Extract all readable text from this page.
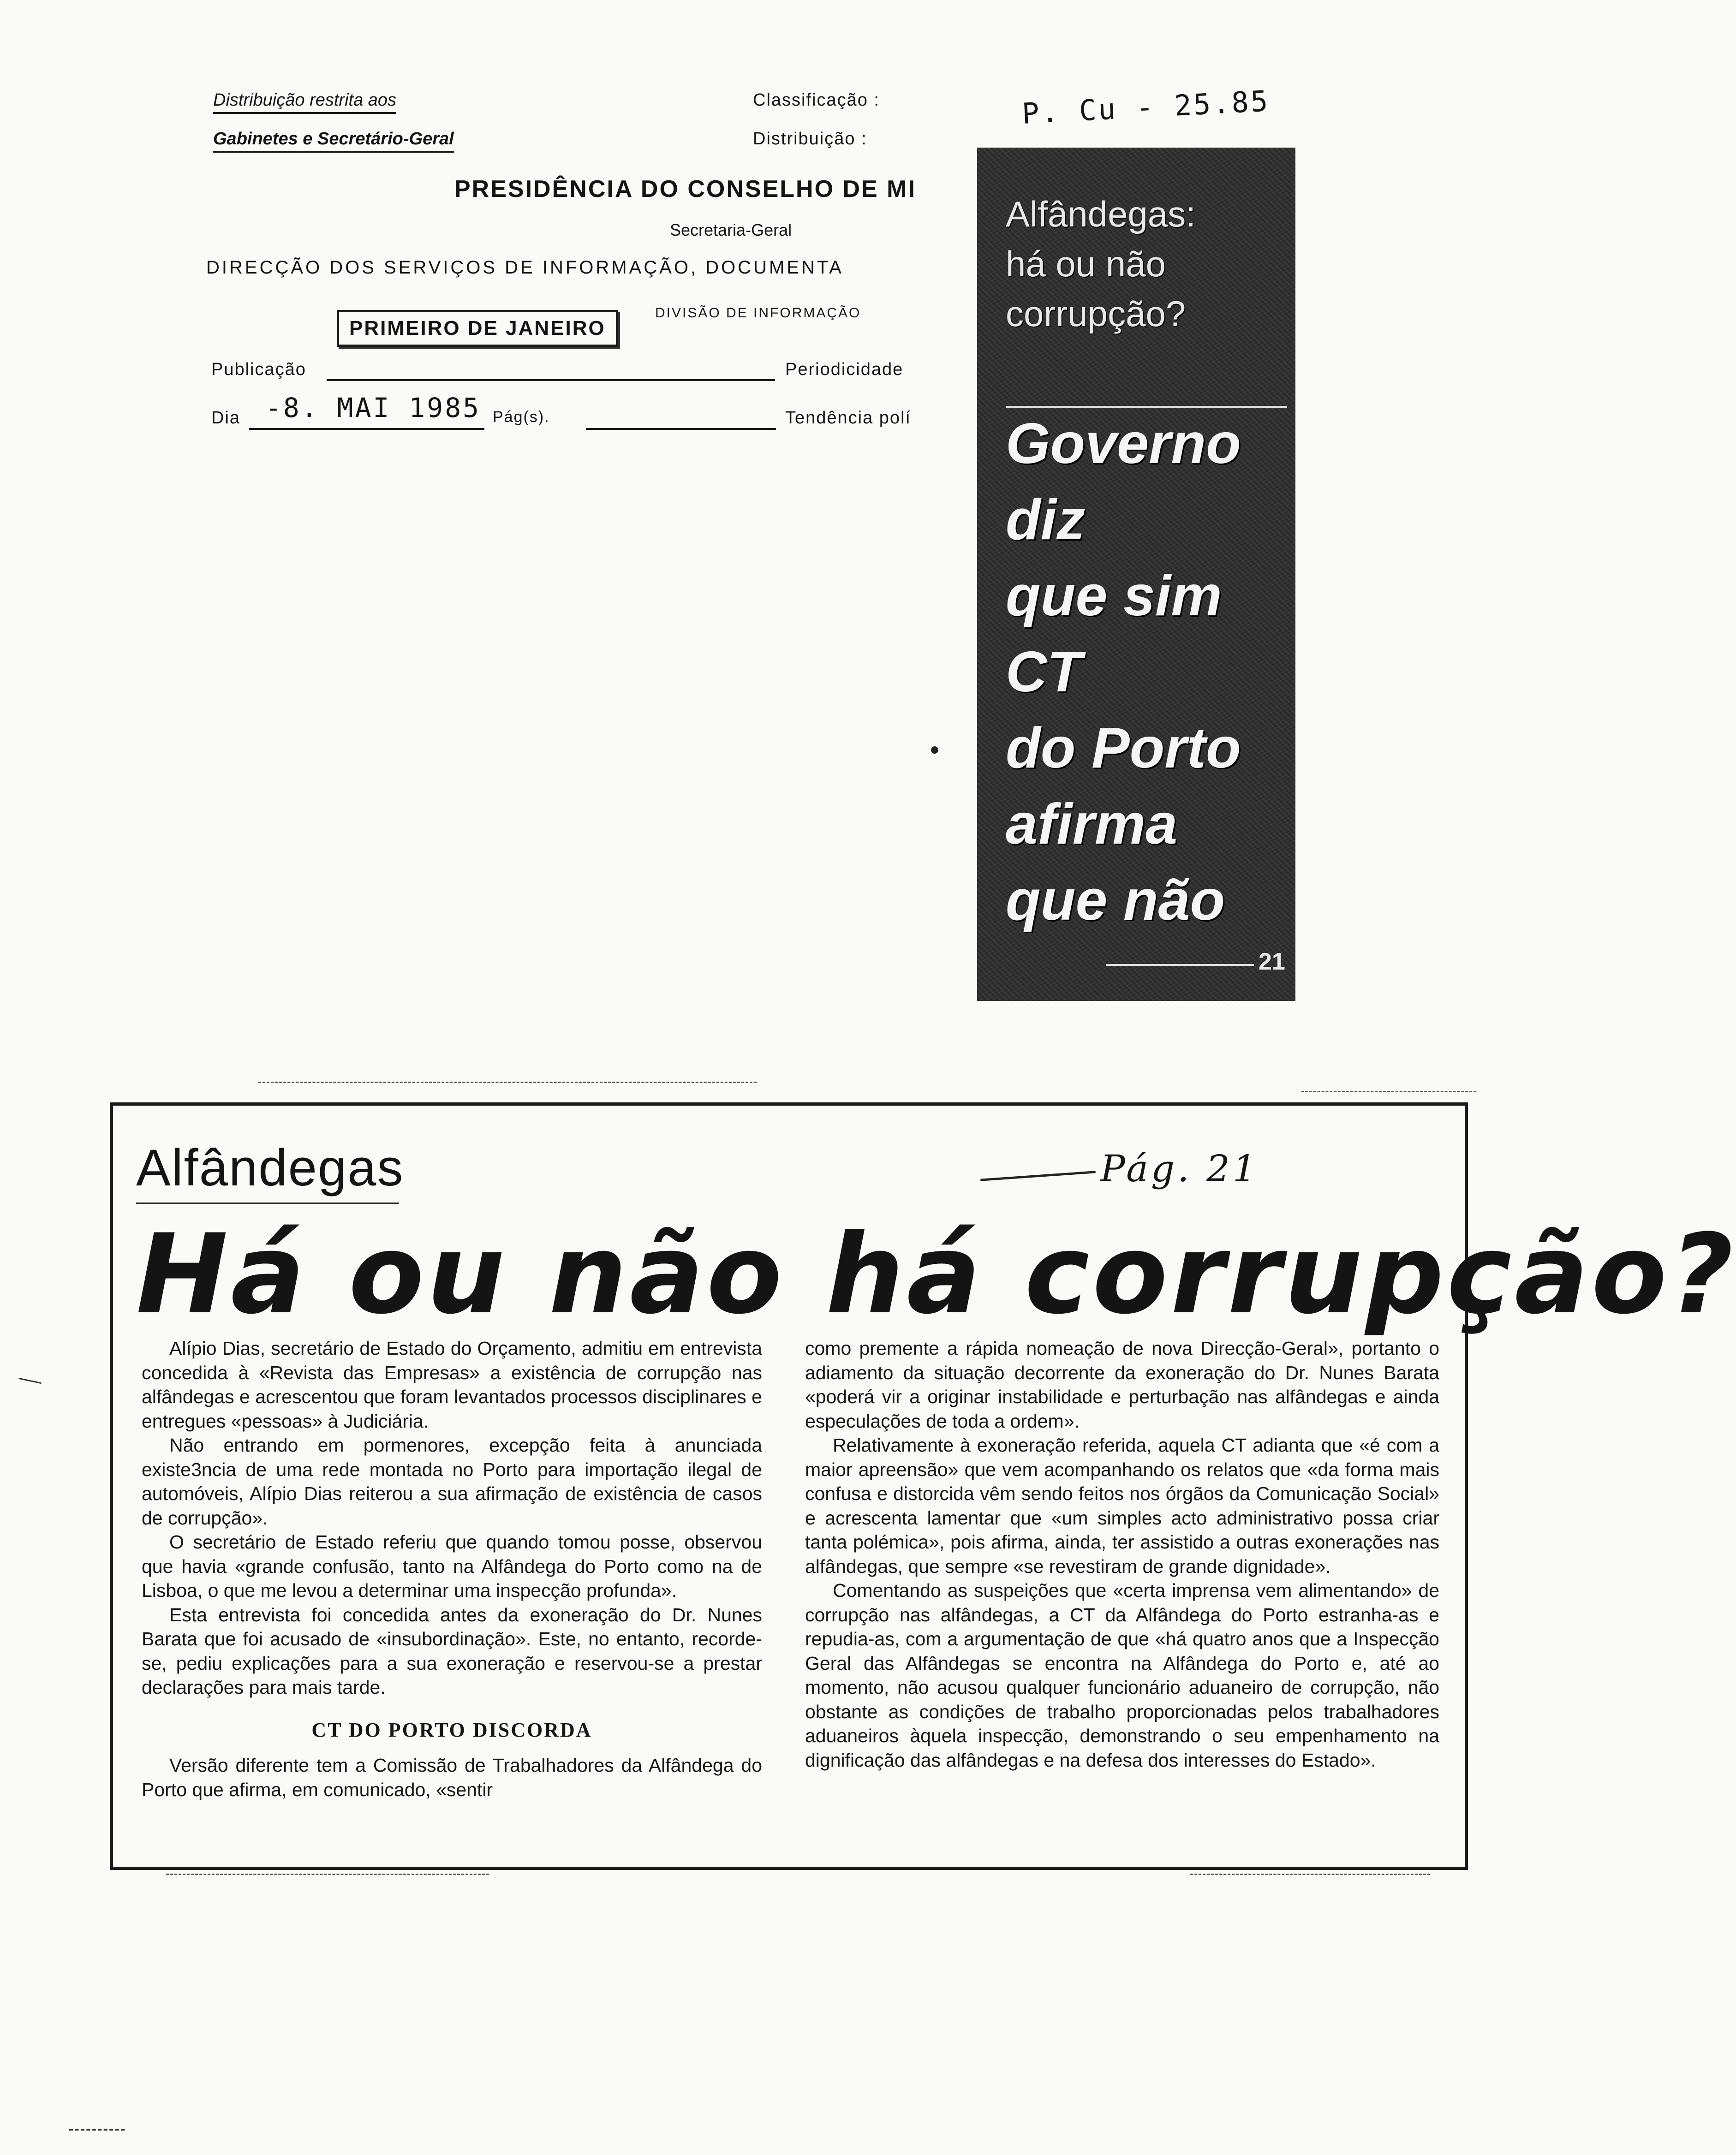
Distribuição restrita aos
Gabinetes e Secretário-Geral
Classificação :
Distribuição :
P. Cu - 25.85
PRESIDÊNCIA DO CONSELHO DE MI
Secretaria-Geral
DIRECÇÃO DOS SERVIÇOS DE INFORMAÇÃO, DOCUMENTA
DIVISÃO DE INFORMAÇÃO
PRIMEIRO DE JANEIRO
Publicação	Periodicidade
Dia -8. MAI 1985 Pág(s).	Tendência polí
Alfândegas:
há ou não
corrupção?
Governo
diz
que sim
CT
do Porto
afirma
que não
21
Alfândegas	Pág. 21
Há ou não há corrupção?

Alípio Dias, secretário de Estado do Orçamento, admitiu em entrevista concedida à «Revista das Empresas» a existência de corrupção nas alfândegas e acrescentou que foram levantados processos disciplinares e entregues «pessoas» à Judiciária.

Não entrando em pormenores, excepção feita à anunciada existe3ncia de uma rede montada no Porto para importação ilegal de automóveis, Alípio Dias reiterou a sua afirmação de existência de casos de corrupção».

O secretário de Estado referiu que quando tomou posse, observou que havia «grande confusão, tanto na Alfândega do Porto como na de Lisboa, o que me levou a determinar uma inspecção profunda».

Esta entrevista foi concedida antes da exoneração do Dr. Nunes Barata que foi acusado de «insubordinação». Este, no entanto, recorde-se, pediu explicações para a sua exoneração e reservou-se a prestar declarações para mais tarde.

CT DO PORTO DISCORDA

Versão diferente tem a Comissão de Trabalhadores da Alfândega do Porto que afirma, em comunicado, «sentir

como premente a rápida nomeação de nova Direcção-Geral», portanto o adiamento da situação decorrente da exoneração do Dr. Nunes Barata «poderá vir a originar instabilidade e perturbação nas alfândegas e ainda especulações de toda a ordem».

Relativamente à exoneração referida, aquela CT adianta que «é com a maior apreensão» que vem acompanhando os relatos que «da forma mais confusa e distorcida vêm sendo feitos nos órgãos da Comunicação Social» e acrescenta lamentar que «um simples acto administrativo possa criar tanta polémica», pois afirma, ainda, ter assistido a outras exonerações nas alfândegas, que sempre «se revestiram de grande dignidade».

Comentando as suspeições que «certa imprensa vem alimentando» de corrupção nas alfândegas, a CT da Alfândega do Porto estranha-as e repudia-as, com a argumentação de que «há quatro anos que a Inspecção Geral das Alfândegas se encontra na Alfândega do Porto e, até ao momento, não acusou qualquer funcionário aduaneiro de corrupção, não obstante as condições de trabalho proporcionadas pelos trabalhadores aduaneiros àquela inspecção, demonstrando o seu empenhamento na dignificação das alfândegas e na defesa dos interesses do Estado».
